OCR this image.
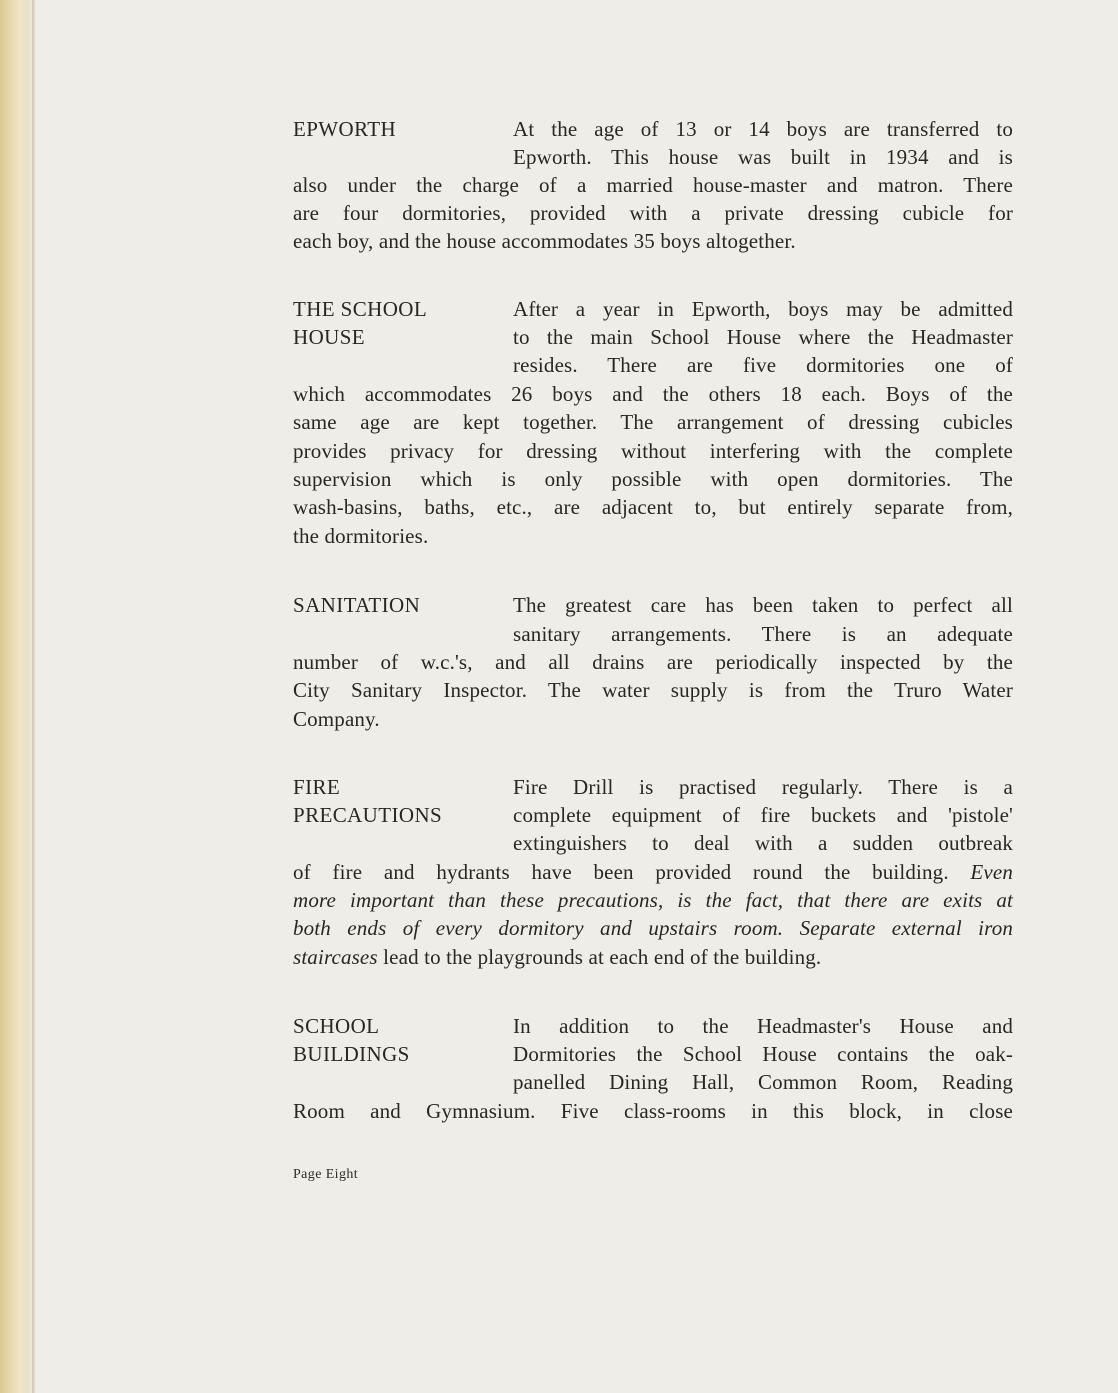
EPWORTH	At the age of 13 or 14 boys are transferred to
Epworth. This house was built in 1934 and is
also under the charge of a married house-master and matron. There
are four dormitories, provided with a private dressing cubicle for
each boy, and the house accommodates 35 boys altogether.
THE SCHOOL
HOUSE
After a year in Epworth, boys may be admitted
to the main School House where the Headmaster
resides. There are five dormitories one of
which accommodates 26 boys and the others 18 each. Boys of the
same age are kept together. The arrangement of dressing cubicles
provides privacy for dressing without interfering with the complete
supervision which is only possible with open dormitories. The
wash-basins, baths, etc., are adjacent to, but entirely separate from,
the dormitories.
SANITATION	The greatest care has been taken to perfect all
sanitary arrangements. There is an adequate
number of w.c.'s, and all drains are periodically inspected by the
City Sanitary Inspector. The water supply is from the Truro Water
Company.
FIRE
PRECAUTIONS
Fire Drill is practised regularly. There is a
complete equipment of fire buckets and 'pistole'
extinguishers to deal with a sudden outbreak
of fire and hydrants have been provided round the building. Even
more important than these precautions, is the fact, that there are exits at
both ends of every dormitory and upstairs room. Separate external iron
staircases lead to the playgrounds at each end of the building.
SCHOOL
BUILDINGS
In addition to the Headmaster's House and
Dormitories the School House contains the oak-
panelled Dining Hall, Common Room, Reading
Room and Gymnasium. Five class-rooms in this block, in close
Page Eight
